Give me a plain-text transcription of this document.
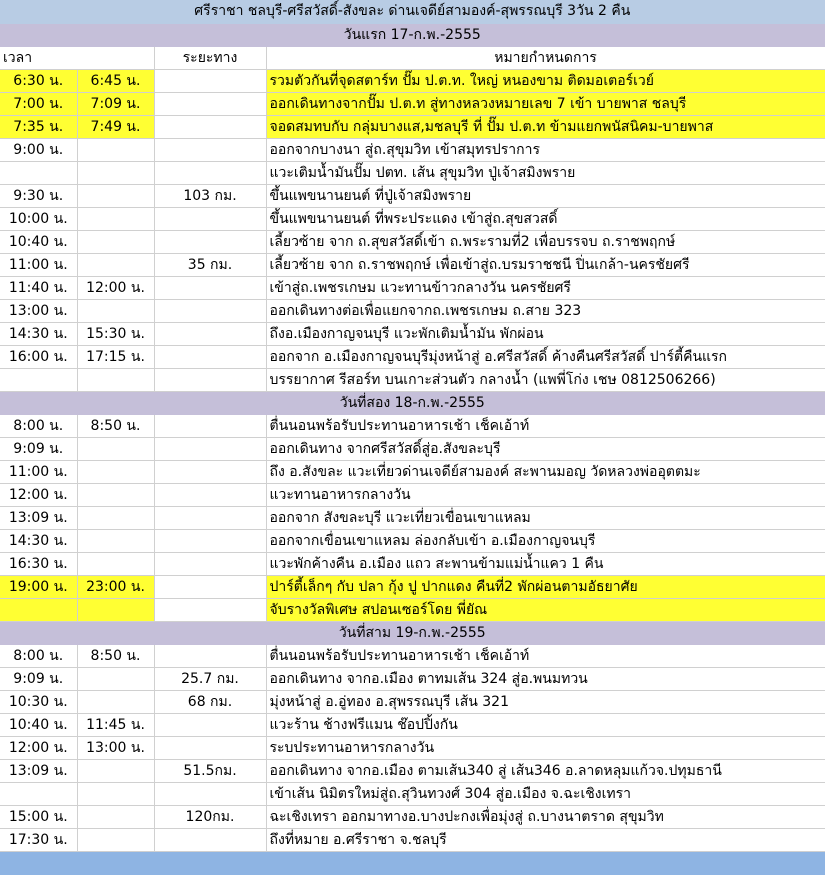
ศรีราชา ชลบุรี-ศรีสวัสดิ์-สังขละ ด่านเจดีย์สามองค์-สุพรรณบุรี 3วัน 2 คืน			
วันแรก 17-ก.พ.-2555			
เวลา		ระยะทาง	หมายกำหนดการ
6:30 น.	6:45 น.		รวมตัวกันที่จุดสตาร์ท ปั๊ม ป.ต.ท. ใหญ่ หนองขาม ติดมอเตอร์เวย์
7:00 น.	7:09 น.		ออกเดินทางจากปั๊ม ป.ต.ท สู่ทางหลวงหมายเลข 7 เข้า บายพาส ชลบุรี
7:35 น.	7:49 น.		จอดสมทบกับ กลุ่มบางแส,มชลบุรี ที่ ปั๊ม ป.ต.ท ข้ามแยกพนัสนิคม-บายพาส
9:00 น.			ออกจากบางนา สู่ถ.สุขุมวิท เข้าสมุทรปราการ
			แวะเติมน้ำมันปั๊ม ปตท. เส้น สุขุมวิท ปู่เจ้าสมิงพราย
9:30 น.		103 กม.	ขึ้นแพขนานยนต์ ที่ปู่เจ้าสมิงพราย
10:00 น.			ขึ้นแพขนานยนต์ ที่พระประแดง เข้าสู่ถ.สุขสวสดิ์
10:40 น.			เลี้ยวซ้าย จาก ถ.สุขสวัสดิ์เข้า ถ.พระรามที่2 เพื่อบรรจบ ถ.ราชพฤกษ์
11:00 น.		35 กม.	เลี้ยวซ้าย จาก ถ.ราชพฤกษ์ เพื่อเข้าสู่ถ.บรมราชชนี ปิ่นเกล้า-นครชัยศรี
11:40 น.	12:00 น.		เข้าสู่ถ.เพชรเกษม แวะทานข้าวกลางวัน นครชัยศรี
13:00 น.			ออกเดินทางต่อเพื่อแยกจากถ.เพชรเกษม ถ.สาย 323
14:30 น.	15:30 น.		ถึงอ.เมืองกาญจนบุรี แวะพักเติมน้ำมัน พักผ่อน
16:00 น.	17:15 น.		ออกจาก อ.เมืองกาญจนบุรีมุ่งหน้าสู่ อ.ศรีสวัสดิ์ ค้างคืนศรีสวัสดิ์ ปาร์ตี้คืนแรก
			บรรยากาศ รีสอร์ท บนเกาะส่วนตัว กลางน้ำ (แพพี่โก่ง เชษ 0812506266)
วันที่สอง 18-ก.พ.-2555			
8:00 น.	8:50 น.		ตื่นนอนพร้อรับประทานอาหารเช้า เช็คเอ้าท์
9:09 น.			ออกเดินทาง จากศรีสวัสดิ์สู่อ.สังขละบุรี
11:00 น.			ถึง อ.สังขละ แวะเที่ยวด่านเจดีย์สามองค์ สะพานมอญ วัดหลวงพ่ออุตตมะ
12:00 น.			แวะทานอาหารกลางวัน
13:09 น.			ออกจาก สังขละบุรี แวะเที่ยวเขื่อนเขาแหลม
14:30 น.			ออกจากเขื่อนเขาแหลม ล่องกลับเข้า อ.เมืองกาญจนบุรี
16:30 น.			แวะพักค้างคืน อ.เมือง แถว สะพานข้ามแม่น้ำแคว 1 คืน
19:00 น.	23:00 น.		ปาร์ตี้เล็กๆ กับ ปลา กุ้ง ปู ปากแดง คืนที่2 พักผ่อนตามอัธยาศัย
			จับรางวัลพิเศษ สปอนเซอร์โดย พี่ยัณ
วันที่สาม 19-ก.พ.-2555			
8:00 น.	8:50 น.		ตื่นนอนพร้อรับประทานอาหารเช้า เช็คเอ้าท์
9:09 น.		25.7 กม.	ออกเดินทาง จากอ.เมือง ตาทมเส้น 324 สู่อ.พนมทวน
10:30 น.		68 กม.	มุ่งหน้าสู่ อ.อู่ทอง อ.สุพรรณบุรี เส้น 321
10:40 น.	11:45 น.		แวะร้าน ช้างฟรีแมน ช๊อปปิ้งกัน
12:00 น.	13:00 น.		ระบประทานอาหารกลางวัน
13:09 น.		51.5กม.	ออกเดินทาง จากอ.เมือง ตามเส้น340 สู่ เส้น346 อ.ลาดหลุมแก้วจ.ปทุมธานี
			เข้าเส้น นิมิตรใหม่สู่ถ.สุวินทวงศ์ 304 สู่อ.เมือง จ.ฉะเชิงเทรา
15:00 น.		120กม.	ฉะเชิงเทรา ออกมาทางอ.บางปะกงเพื่อมุ่งสู่ ถ.บางนาตราด สุขุมวิท
17:30 น.			ถึงที่หมาย อ.ศรีราชา จ.ชลบุรี
